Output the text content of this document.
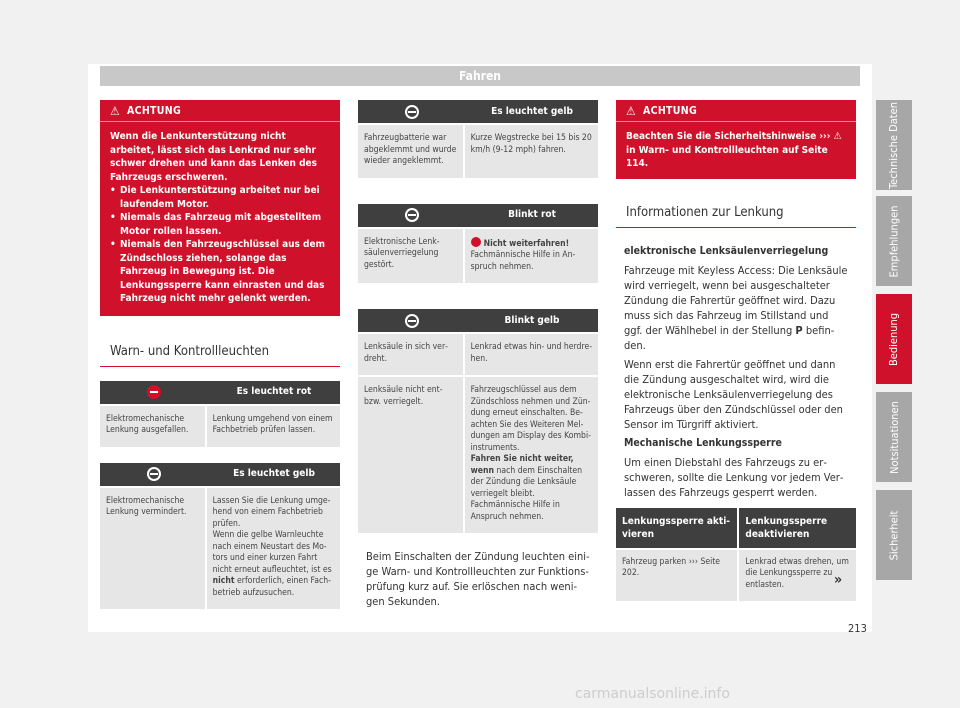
Fahren
⚠ ACHTUNG

Wenn die Lenkunterstützung nicht arbeitet, lässt sich das Lenkrad nur sehr schwer drehen und kann das Lenken des Fahrzeugs erschweren.

• Die Lenkunterstützung arbeitet nur bei laufendem Motor.
• Niemals das Fahrzeug mit abgestelltem Motor rollen lassen.
• Niemals den Fahrzeugschlüssel aus dem Zündschloss ziehen, solange das Fahrzeug in Bewegung ist. Die Lenkungssperre kann einrasten und das Fahrzeug nicht mehr gelenkt werden.
Warn- und Kontrollleuchten
Es leuchtet rot

Elektromechanische Lenkung ausgefallen.	Lenkung umgehend von einem Fachbetrieb prüfen lassen.
Es leuchtet gelb

Elektromechanische Lenkung vermindert.	Lassen Sie die Lenkung umgehend von einem Fachbetrieb prüfen.
Wenn die gelbe Warnleuchte nach einem Neustart des Motors und einer kurzen Fahrt nicht erneut aufleuchtet, ist es
nicht erforderlich, einen Fachbetrieb aufzusuchen.
Es leuchtet gelb

Fahrzeugbatterie war abgeklemmt und wurde wieder angeklemmt.	Kurze Wegstrecke bei 15 bis 20 km/h (9-12 mph) fahren.
Blinkt rot

Elektronische Lenksäulenverriegelung gestört.	Nicht weiterfahren!
Fachmännische Hilfe in Anspruch nehmen.
Blinkt gelb	

Lenksäule in sich verdreht.	Lenkrad etwas hin- und herdrehen.
Lenksäule nicht entbzw. verriegelt.	Fahrzeugschlüssel aus dem Zündschloss nehmen und Zündung erneut einschalten. Beachten Sie des Weiteren Meldungen am Display des Kombiinstruments.
Fahren Sie nicht weiter, wenn nach dem Einschalten der Zündung die Lenksäule verriegelt bleibt. Fachmännische Hilfe in Anspruch nehmen.
Beim Einschalten der Zündung leuchten einige Warn- und Kontrollleuchten zur Funktionsprüfung kurz auf. Sie erlöschen nach wenigen Sekunden.
⚠ ACHTUNG
Beachten Sie die Sicherheitshinweise ››› ⚠ in Warn- und Kontrollleuchten auf Seite 114.
Informationen zur Lenkung

elektronische Lenksäulenverriegelung

Fahrzeuge mit Keyless Access: Die Lenksäule wird verriegelt, wenn bei ausgeschalteter Zündung die Fahrertür geöffnet wird. Dazu muss sich das Fahrzeug im Stillstand und ggf. der Wählhebel in der Stellung P befinden.

Wenn erst die Fahrertür geöffnet und dann die Zündung ausgeschaltet wird, wird die elektronische Lenksäulenverriegelung des Fahrzeugs über den Zündschlüssel oder den Sensor im Türgriff aktiviert.

Mechanische Lenkungssperre

Um einen Diebstahl des Fahrzeugs zu erschweren, sollte die Lenkung vor jedem Verlassen des Fahrzeugs gesperrt werden.

Lenkungssperre aktivieren	Lenkungssperre deaktivieren
Fahrzeug parken ››› Seite 202.	Lenkrad etwas drehen, um die Lenkungssperre zu entlasten.	»
213
Technische Daten
Empfehlungen
Bedienung
Notsituationen
Sicherheit
carmanualsonline.info
